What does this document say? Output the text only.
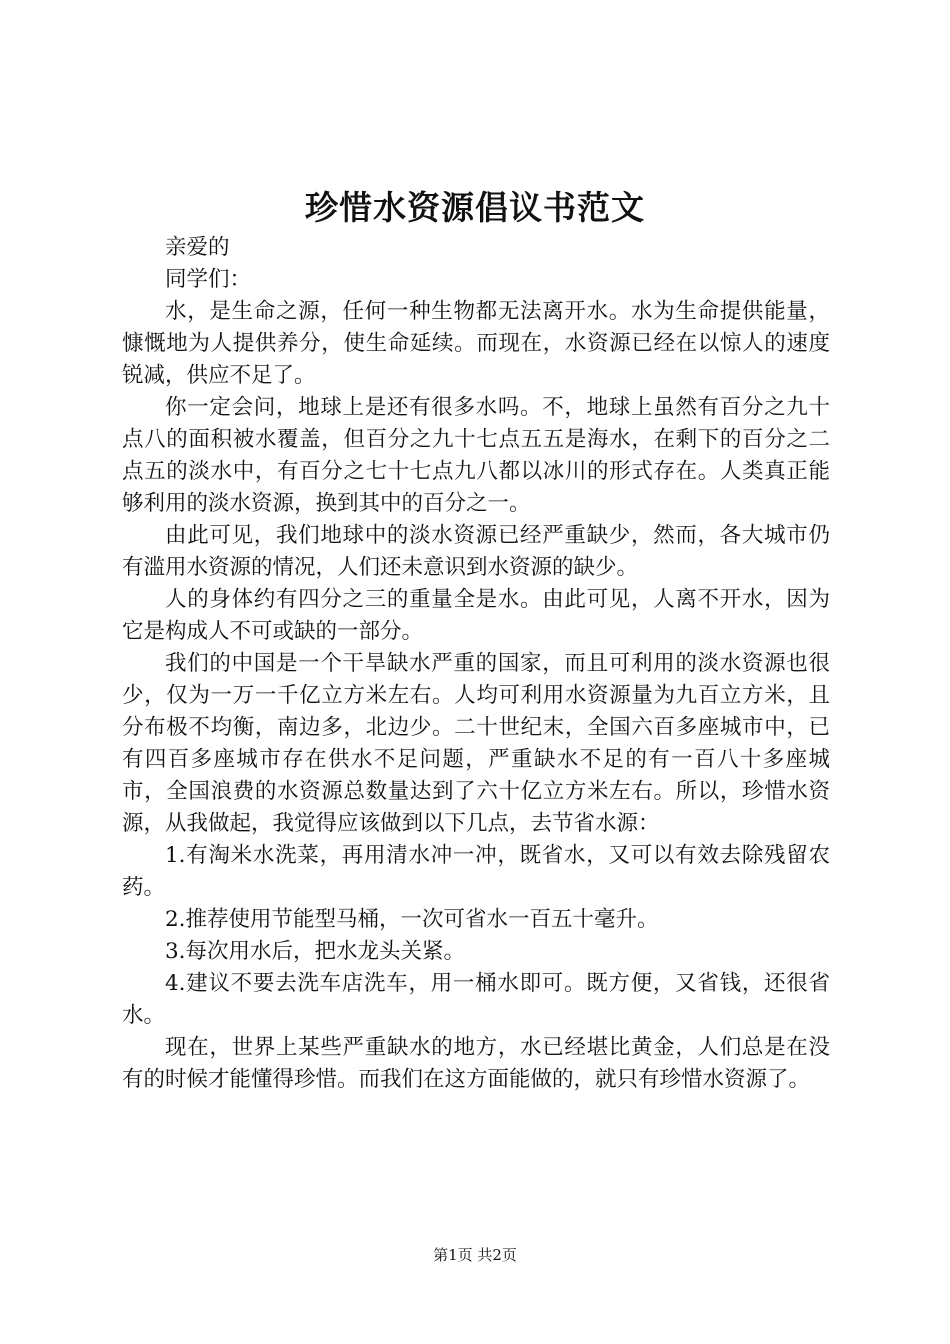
珍惜水资源倡议书范文

亲爱的

同学们：

水，是生命之源，任何一种生物都无法离开水。水为生命提供能量，慷慨地为人提供养分，使生命延续。而现在，水资源已经在以惊人的速度锐减，供应不足了。

你一定会问，地球上是还有很多水吗。不，地球上虽然有百分之九十点八的面积被水覆盖，但百分之九十七点五五是海水，在剩下的百分之二点五的淡水中，有百分之七十七点九八都以冰川的形式存在。人类真正能够利用的淡水资源，换到其中的百分之一。

由此可见，我们地球中的淡水资源已经严重缺少，然而，各大城市仍有滥用水资源的情况，人们还未意识到水资源的缺少。

人的身体约有四分之三的重量全是水。由此可见，人离不开水，因为它是构成人不可或缺的一部分。

我们的中国是一个干旱缺水严重的国家，而且可利用的淡水资源也很少，仅为一万一千亿立方米左右。人均可利用水资源量为九百立方米，且分布极不均衡，南边多，北边少。二十世纪末，全国六百多座城市中，已有四百多座城市存在供水不足问题，严重缺水不足的有一百八十多座城市，全国浪费的水资源总数量达到了六十亿立方米左右。所以，珍惜水资源，从我做起，我觉得应该做到以下几点，去节省水源：

1.有淘米水洗菜，再用清水冲一冲，既省水，又可以有效去除残留农药。

2.推荐使用节能型马桶，一次可省水一百五十毫升。

3.每次用水后，把水龙头关紧。

4.建议不要去洗车店洗车，用一桶水即可。既方便，又省钱，还很省水。

现在，世界上某些严重缺水的地方，水已经堪比黄金，人们总是在没有的时候才能懂得珍惜。而我们在这方面能做的，就只有珍惜水资源了。

第1页 共2页
